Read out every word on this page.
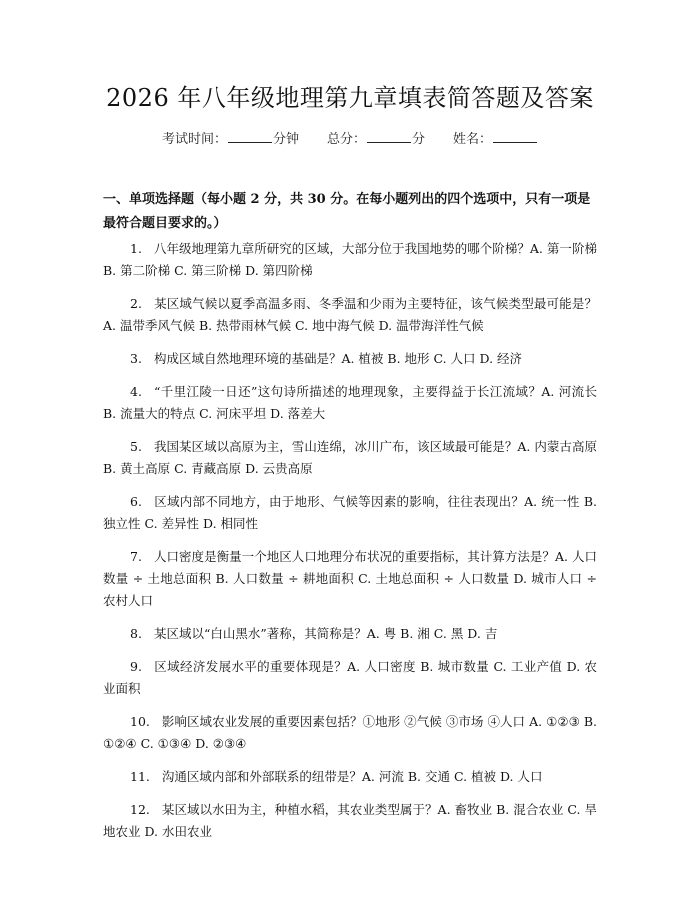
2026 年八年级地理第九章填表简答题及答案
考试时间：	分钟 总分：	分 姓名：
一、单项选择题（每小题 2 分，共 30 分。在每小题列出的四个选项中，只有一项是最符合题目要求的。）
1. 八年级地理第九章所研究的区域，大部分位于我国地势的哪个阶梯？A. 第一阶梯 B. 第二阶梯 C. 第三阶梯 D. 第四阶梯
2. 某区域气候以夏季高温多雨、冬季温和少雨为主要特征，该气候类型最可能是？A. 温带季风气候 B. 热带雨林气候 C. 地中海气候 D. 温带海洋性气候
3. 构成区域自然地理环境的基础是？A. 植被 B. 地形 C. 人口 D. 经济
4. “千里江陵一日还”这句诗所描述的地理现象，主要得益于长江流域？A. 河流长 B. 流量大的特点 C. 河床平坦 D. 落差大
5. 我国某区域以高原为主，雪山连绵，冰川广布，该区域最可能是？A. 内蒙古高原 B. 黄土高原 C. 青藏高原 D. 云贵高原
6. 区域内部不同地方，由于地形、气候等因素的影响，往往表现出？A. 统一性 B. 独立性 C. 差异性 D. 相同性
7. 人口密度是衡量一个地区人口地理分布状况的重要指标，其计算方法是？A. 人口数量 ÷ 土地总面积 B. 人口数量 ÷ 耕地面积 C. 土地总面积 ÷ 人口数量 D. 城市人口 ÷ 农村人口
8. 某区域以“白山黑水”著称，其简称是？A. 粤 B. 湘 C. 黑 D. 吉
9. 区域经济发展水平的重要体现是？A. 人口密度 B. 城市数量 C. 工业产值 D. 农业面积
10. 影响区域农业发展的重要因素包括？①地形 ②气候 ③市场 ④人口 A. ①②③ B. ①②④ C. ①③④ D. ②③④
11. 沟通区域内部和外部联系的纽带是？A. 河流 B. 交通 C. 植被 D. 人口
12. 某区域以水田为主，种植水稻，其农业类型属于？A. 畜牧业 B. 混合农业 C. 旱地农业 D. 水田农业
